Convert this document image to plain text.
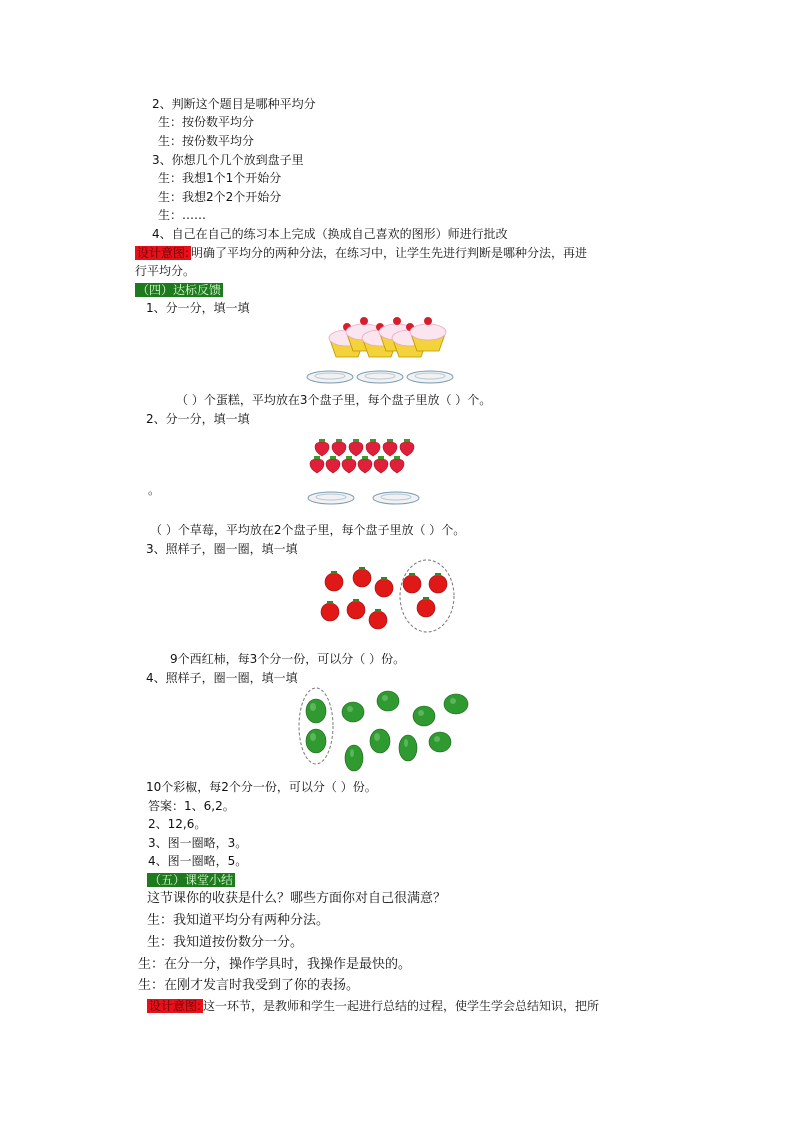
2、判断这个题目是哪种平均分
生：按份数平均分
生：按份数平均分
3、你想几个几个放到盘子里
生：我想1个1个开始分
生：我想2个2个开始分
生：……
4、自己在自己的练习本上完成（换成自己喜欢的图形）师进行批改
设计意图: 明确了平均分的两种分法，在练习中，让学生先进行判断是哪种分法，再进
行平均分。
（四）达标反馈
1、分一分，填一填
（ ）个蛋糕，平均放在3个盘子里，每个盘子里放（ ）个。
2、分一分，填一填
。
（ ）个草莓，平均放在2个盘子里，每个盘子里放（ ）个。
3、照样子，圈一圈，填一填
9个西红柿，每3个分一份，可以分（ ）份。
4、照样子，圈一圈，填一填
10个彩椒，每2个分一份，可以分（ ）份。
答案：1、6,2。
2、12,6。
3、图一圈略，3。
4、图一圈略，5。
（五）课堂小结
这节课你的收获是什么？哪些方面你对自己很满意？
生：我知道平均分有两种分法。
生：我知道按份数分一分。
生：在分一分，操作学具时，我操作是最快的。
生：在刚才发言时我受到了你的表扬。
设计意图: 这一环节，是教师和学生一起进行总结的过程，使学生学会总结知识，把所
